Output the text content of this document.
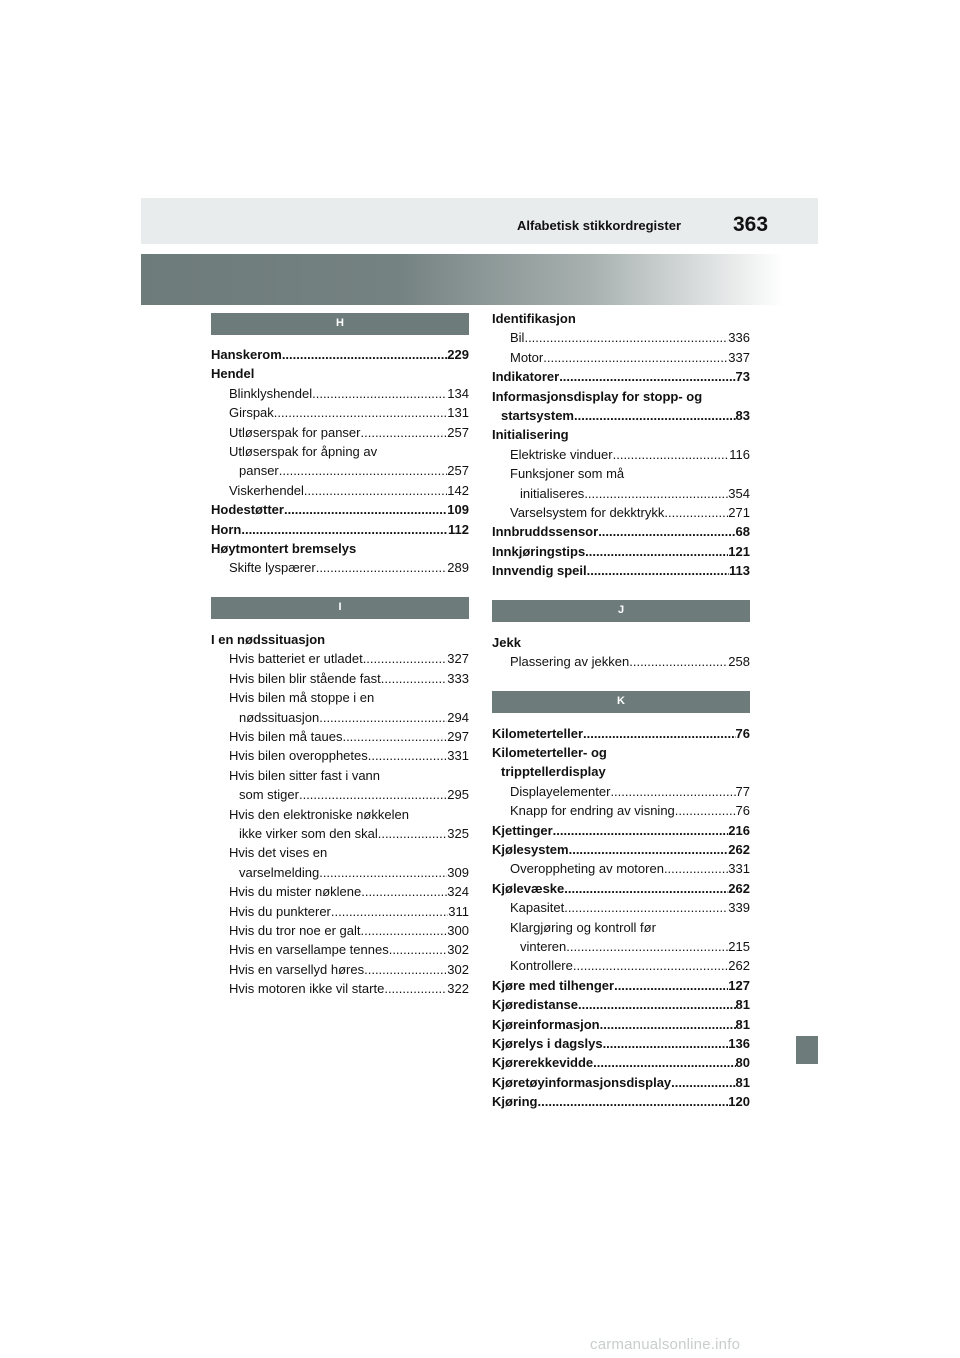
Alfabetisk stikkordregister 363
H
Hanskerom .....	229
Hendel
Blinklyshendel .....	134
Girspak .....	131
Utløserspak for panser .....	257
Utløserspak for åpning av
panser .....	257
Viskerhendel .....	142
Hodestøtter .....	109
Horn .....	112
Høytmontert bremselys
Skifte lyspærer .....	289
I
I en nødssituasjon
Hvis batteriet er utladet .....	327
Hvis bilen blir stående fast .....	333
Hvis bilen må stoppe i en
nødssituasjon .....	294
Hvis bilen må taues .....	297
Hvis bilen overopphetes .....	331
Hvis bilen sitter fast i vann
som stiger .....	295
Hvis den elektroniske nøkkelen
ikke virker som den skal .....	325
Hvis det vises en
varselmelding .....	309
Hvis du mister nøklene .....	324
Hvis du punkterer .....	311
Hvis du tror noe er galt .....	300
Hvis en varsellampe tennes .....	302
Hvis en varsellyd høres .....	302
Hvis motoren ikke vil starte .....	322
Identifikasjon
Bil .....	336
Motor .....	337
Indikatorer .....	73
Informasjonsdisplay for stopp- og
startsystem .....	83
Initialisering
Elektriske vinduer .....	116
Funksjoner som må
initialiseres .....	354
Varselsystem for dekktrykk .....	271
Innbruddssensor .....	68
Innkjøringstips .....	121
Innvendig speil .....	113
J
Jekk
Plassering av jekken .....	258
K
Kilometerteller .....	76
Kilometerteller- og
tripptellerdisplay
Displayelementer .....	77
Knapp for endring av visning .....	76
Kjettinger .....	216
Kjølesystem .....	262
Overoppheting av motoren .....	331
Kjølevæske .....	262
Kapasitet .....	339
Klargjøring og kontroll før
vinteren .....	215
Kontrollere .....	262
Kjøre med tilhenger .....	127
Kjøredistanse .....	81
Kjøreinformasjon .....	81
Kjørelys i dagslys .....	136
Kjørerekkevidde .....	80
Kjøretøyinformasjonsdisplay .....	81
Kjøring .....	120
carmanualsonline.info
